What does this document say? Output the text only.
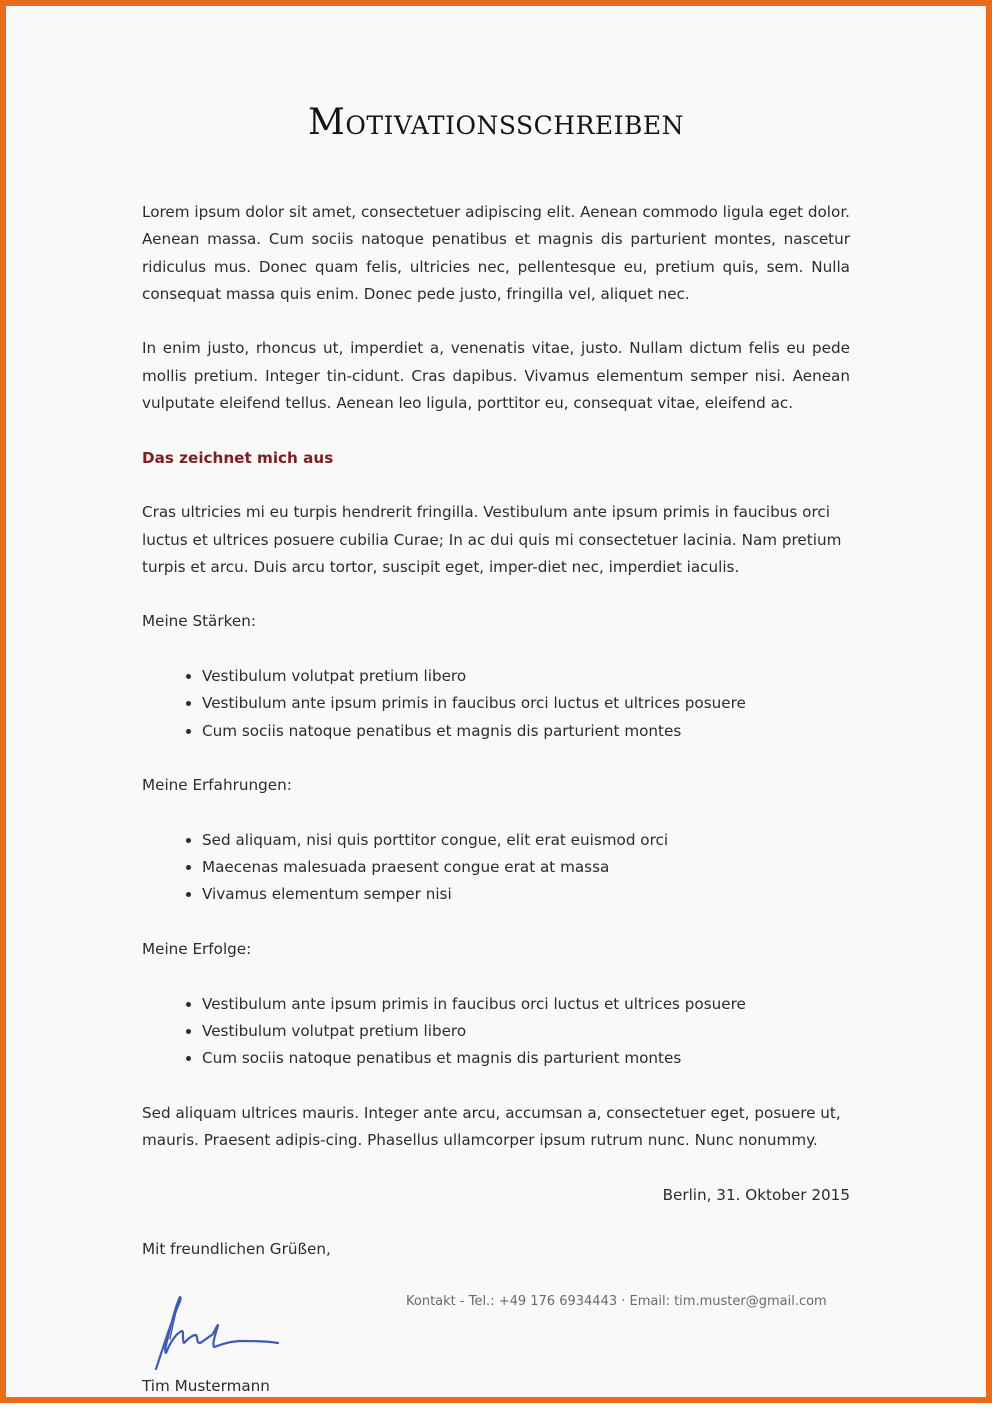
Motivationsschreiben

Lorem ipsum dolor sit amet, consectetuer adipiscing elit. Aenean commodo ligula eget dolor. Aenean massa. Cum sociis natoque penatibus et magnis dis parturient montes, nascetur ridiculus mus. Donec quam felis, ultricies nec, pellentesque eu, pretium quis, sem. Nulla consequat massa quis enim. Donec pede justo, fringilla vel, aliquet nec.

In enim justo, rhoncus ut, imperdiet a, venenatis vitae, justo. Nullam dictum felis eu pede mollis pretium. Integer tin-cidunt. Cras dapibus. Vivamus elementum semper nisi. Aenean vulputate eleifend tellus. Aenean leo ligula, porttitor eu, consequat vitae, eleifend ac.

Das zeichnet mich aus

Cras ultricies mi eu turpis hendrerit fringilla. Vestibulum ante ipsum primis in faucibus orci luctus et ultrices posuere cubilia Curae; In ac dui quis mi consectetuer lacinia. Nam pretium turpis et arcu. Duis arcu tortor, suscipit eget, imper-diet nec, imperdiet iaculis.

Meine Stärken:

• Vestibulum volutpat pretium libero
• Vestibulum ante ipsum primis in faucibus orci luctus et ultrices posuere
• Cum sociis natoque penatibus et magnis dis parturient montes

Meine Erfahrungen:

• Sed aliquam, nisi quis porttitor congue, elit erat euismod orci
• Maecenas malesuada praesent congue erat at massa
• Vivamus elementum semper nisi

Meine Erfolge:

• Vestibulum ante ipsum primis in faucibus orci luctus et ultrices posuere
• Vestibulum volutpat pretium libero
• Cum sociis natoque penatibus et magnis dis parturient montes

Sed aliquam ultrices mauris. Integer ante arcu, accumsan a, consectetuer eget, posuere ut, mauris. Praesent adipis-cing. Phasellus ullamcorper ipsum rutrum nunc. Nunc nonummy.

Berlin, 31. Oktober 2015

Mit freundlichen Grüßen,

Tim Mustermann

Kontakt - Tel.: +49 176 6934443 · Email: tim.muster@gmail.com
